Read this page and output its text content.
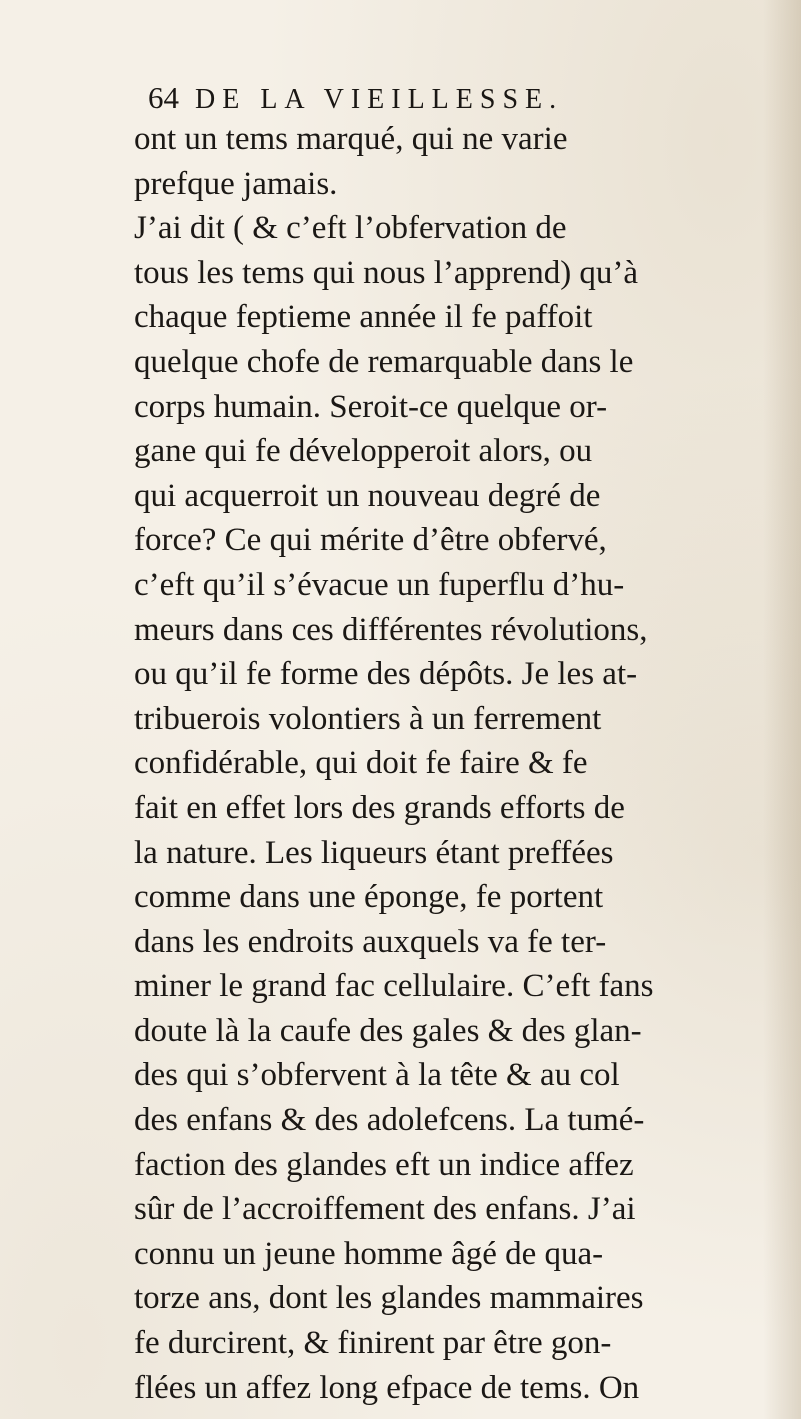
64 DE LA VIEILLESSE.
ont un tems marqué, qui ne varie
prefque jamais.
J’ai dit ( & c’eft l’obfervation de
tous les tems qui nous l’apprend) qu’à
chaque feptieme année il fe paffoit
quelque chofe de remarquable dans le
corps humain. Seroit-ce quelque or-
gane qui fe développeroit alors, ou
qui acquerroit un nouveau degré de
force? Ce qui mérite d’être obfervé,
c’eft qu’il s’évacue un fuperflu d’hu-
meurs dans ces différentes révolutions,
ou qu’il fe forme des dépôts. Je les at-
tribuerois volontiers à un ferrement
confidérable, qui doit fe faire & fe
fait en effet lors des grands efforts de
la nature. Les liqueurs étant preffées
comme dans une éponge, fe portent
dans les endroits auxquels va fe ter-
miner le grand fac cellulaire. C’eft fans
doute là la caufe des gales & des glan-
des qui s’obfervent à la tête & au col
des enfans & des adolefcens. La tumé-
faction des glandes eft un indice affez
sûr de l’accroiffement des enfans. J’ai
connu un jeune homme âgé de qua-
torze ans, dont les glandes mammaires
fe durcirent, & finirent par être gon-
flées un affez long efpace de tems. On
